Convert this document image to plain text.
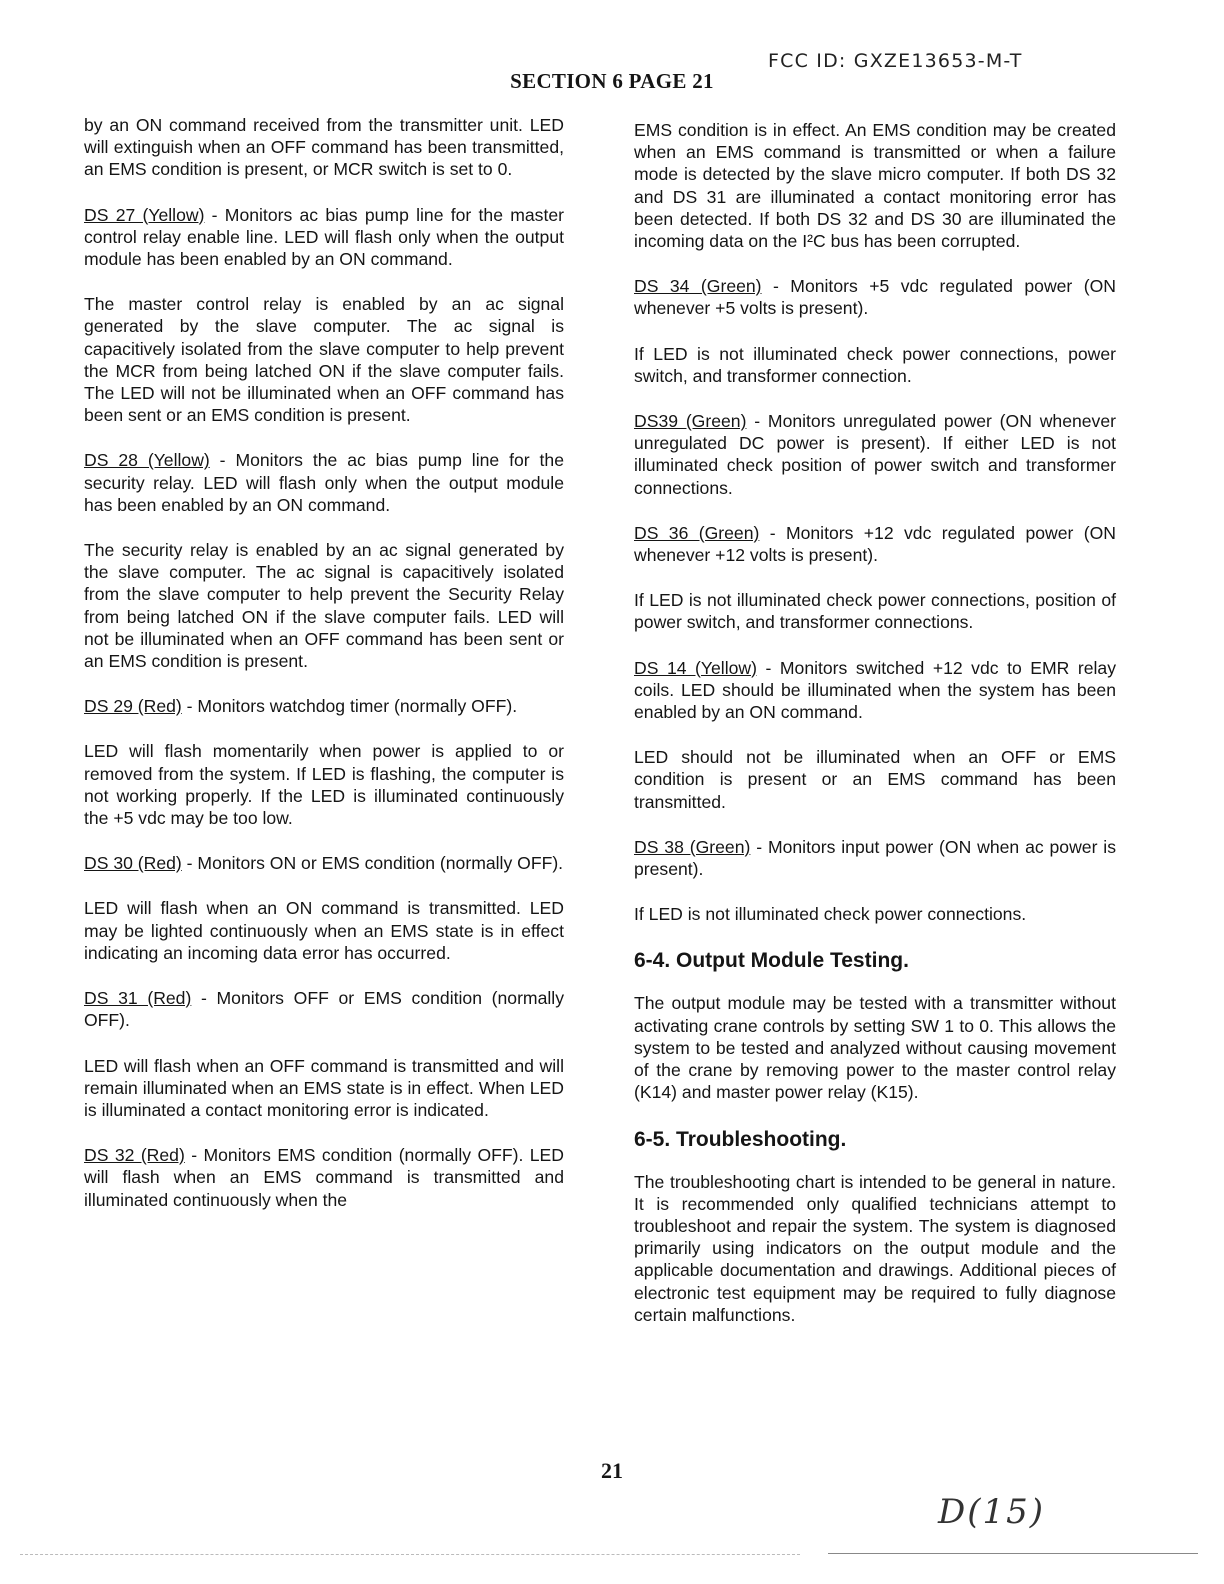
FCC ID: GXZE13653-M-T
SECTION 6 PAGE 21

by an ON command received from the transmitter unit. LED will extinguish when an OFF command has been transmitted, an EMS condition is present, or MCR switch is set to 0.

DS 27 (Yellow) - Monitors ac bias pump line for the master control relay enable line. LED will flash only when the output module has been enabled by an ON command.

The master control relay is enabled by an ac signal generated by the slave computer. The ac signal is capacitively isolated from the slave computer to help prevent the MCR from being latched ON if the slave computer fails. The LED will not be illuminated when an OFF command has been sent or an EMS condition is present.

DS 28 (Yellow) - Monitors the ac bias pump line for the security relay. LED will flash only when the output module has been enabled by an ON command.

The security relay is enabled by an ac signal generated by the slave computer. The ac signal is capacitively isolated from the slave computer to help prevent the Security Relay from being latched ON if the slave computer fails. LED will not be illuminated when an OFF command has been sent or an EMS condition is present.

DS 29 (Red) - Monitors watchdog timer (normally OFF).

LED will flash momentarily when power is applied to or removed from the system. If LED is flashing, the computer is not working properly. If the LED is illuminated continuously the +5 vdc may be too low.

DS 30 (Red) - Monitors ON or EMS condition (normally OFF).

LED will flash when an ON command is transmitted. LED may be lighted continuously when an EMS state is in effect indicating an incoming data error has occurred.

DS 31 (Red) - Monitors OFF or EMS condition (normally OFF).

LED will flash when an OFF command is transmitted and will remain illuminated when an EMS state is in effect. When LED is illuminated a contact monitoring error is indicated.

DS 32 (Red) - Monitors EMS condition (normally OFF). LED will flash when an EMS command is transmitted and illuminated continuously when the

EMS condition is in effect. An EMS condition may be created when an EMS command is transmitted or when a failure mode is detected by the slave micro computer. If both DS 32 and DS 31 are illuminated a contact monitoring error has been detected. If both DS 32 and DS 30 are illuminated the incoming data on the I²C bus has been corrupted.

DS 34 (Green) - Monitors +5 vdc regulated power (ON whenever +5 volts is present).

If LED is not illuminated check power connections, power switch, and transformer connection.

DS39 (Green) - Monitors unregulated power (ON whenever unregulated DC power is present). If either LED is not illuminated check position of power switch and transformer connections.

DS 36 (Green) - Monitors +12 vdc regulated power (ON whenever +12 volts is present).

If LED is not illuminated check power connections, position of power switch, and transformer connections.

DS 14 (Yellow) - Monitors switched +12 vdc to EMR relay coils. LED should be illuminated when the system has been enabled by an ON command.

LED should not be illuminated when an OFF or EMS condition is present or an EMS command has been transmitted.

DS 38 (Green) - Monitors input power (ON when ac power is present).

If LED is not illuminated check power connections.

6-4. Output Module Testing.

The output module may be tested with a transmitter without activating crane controls by setting SW 1 to 0. This allows the system to be tested and analyzed without causing movement of the crane by removing power to the master control relay (K14) and master power relay (K15).

6-5. Troubleshooting.

The troubleshooting chart is intended to be general in nature. It is recommended only qualified technicians attempt to troubleshoot and repair the system. The system is diagnosed primarily using indicators on the output module and the applicable documentation and drawings. Additional pieces of electronic test equipment may be required to fully diagnose certain malfunctions.

21
D(15)
